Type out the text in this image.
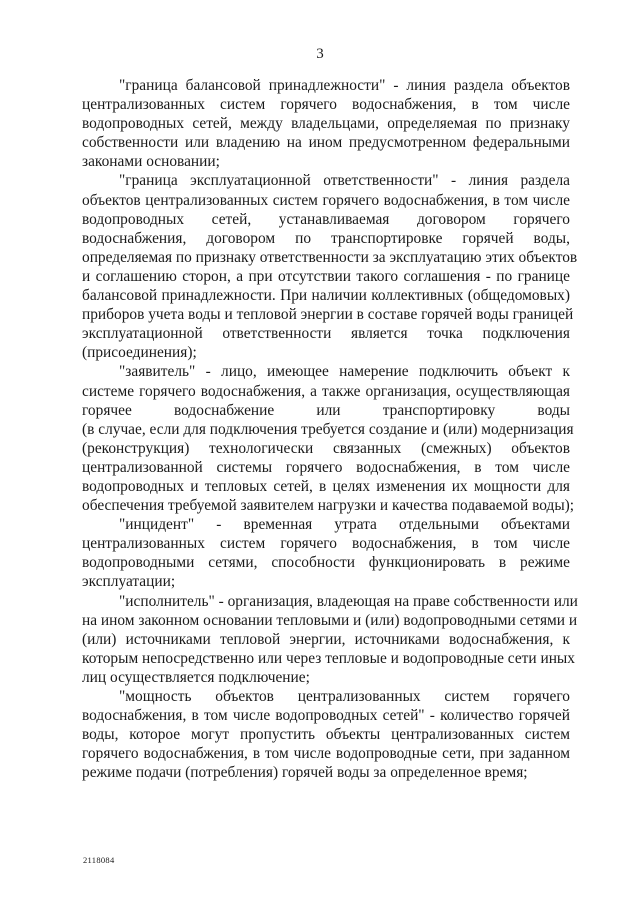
3
"граница балансовой принадлежности" - линия раздела объектов
централизованных систем горячего водоснабжения, в том числе
водопроводных сетей, между владельцами, определяемая по признаку
собственности или владению на ином предусмотренном федеральными
законами основании;
"граница эксплуатационной ответственности" - линия раздела
объектов централизованных систем горячего водоснабжения, в том числе
водопроводных сетей, устанавливаемая договором горячего
водоснабжения, договором по транспортировке горячей воды,
определяемая по признаку ответственности за эксплуатацию этих объектов
и соглашению сторон, а при отсутствии такого соглашения - по границе
балансовой принадлежности. При наличии коллективных (общедомовых)
приборов учета воды и тепловой энергии в составе горячей воды границей
эксплуатационной ответственности является точка подключения
(присоединения);
"заявитель" - лицо, имеющее намерение подключить объект к
системе горячего водоснабжения, а также организация, осуществляющая
горячее водоснабжение или транспортировку воды
(в случае, если для подключения требуется создание и (или) модернизация
(реконструкция) технологически связанных (смежных) объектов
централизованной системы горячего водоснабжения, в том числе
водопроводных и тепловых сетей, в целях изменения их мощности для
обеспечения требуемой заявителем нагрузки и качества подаваемой воды);
"инцидент" - временная утрата отдельными объектами
централизованных систем горячего водоснабжения, в том числе
водопроводными сетями, способности функционировать в режиме
эксплуатации;
"исполнитель" - организация, владеющая на праве собственности или
на ином законном основании тепловыми и (или) водопроводными сетями и
(или) источниками тепловой энергии, источниками водоснабжения, к
которым непосредственно или через тепловые и водопроводные сети иных
лиц осуществляется подключение;
"мощность объектов централизованных систем горячего
водоснабжения, в том числе водопроводных сетей" - количество горячей
воды, которое могут пропустить объекты централизованных систем
горячего водоснабжения, в том числе водопроводные сети, при заданном
режиме подачи (потребления) горячей воды за определенное время;
2118084
